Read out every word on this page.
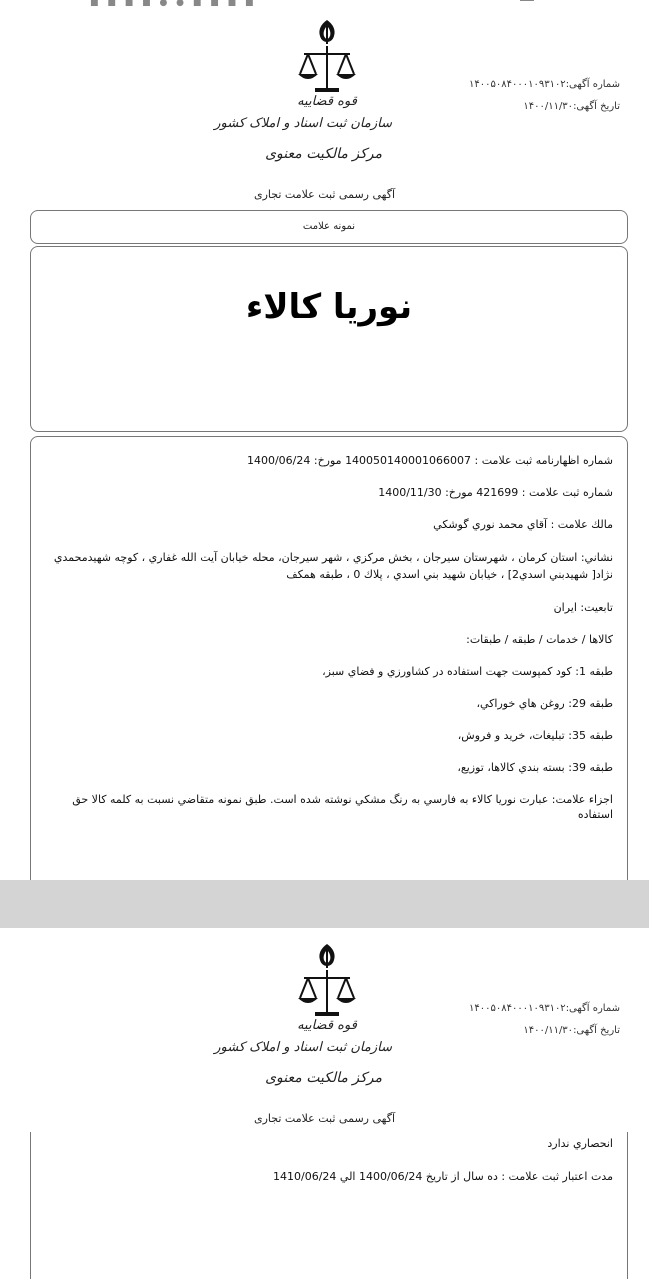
■ ■ ■ ■ ● ● ■ ■ ■ ■
قوه قضاییه
سازمان ثبت اسناد و املاک کشور
مرکز مالکیت معنوی
شماره آگهی:۱۴۰۰۵۰۸۴۰۰۰۱۰۹۳۱۰۲
تاریخ آگهی:۱۴۰۰/۱۱/۳۰
آگهی رسمی ثبت علامت تجاری
نمونه علامت
نوریا کالاء
شماره اظهارنامه ثبت علامت : 140050140001066007 مورخ: 1400/06/24
شماره ثبت علامت : 421699 مورخ: 1400/11/30
مالك علامت : آقاي محمد نوري گوشكي
نشاني: استان كرمان ، شهرستان سيرجان ، بخش مركزي ، شهر سيرجان، محله خيابان آيت الله غفاري ، كوچه شهيدمحمدي نژاد[ شهيدبني اسدي2] ، خيابان شهيد بني اسدي ، پلاك 0 ، طبقه همكف
تابعيت: ايران
كالاها / خدمات / طبقه / طبقات:
طبقه 1: كود كمپوست جهت استفاده در كشاورزي و فضاي سبز،
طبقه 29: روغن هاي خوراكي،
طبقه 35: تبليغات، خريد و فروش،
طبقه 39: بسته بندي كالاها، توزيع،
اجزاء علامت: عبارت نوريا كالاء به فارسي به رنگ مشكي نوشته شده است. طبق نمونه متقاضي نسبت به كلمه كالا حق استفاده
قوه قضاییه
سازمان ثبت اسناد و املاک کشور
مرکز مالکیت معنوی
شماره آگهی:۱۴۰۰۵۰۸۴۰۰۰۱۰۹۳۱۰۲
تاریخ آگهی:۱۴۰۰/۱۱/۳۰
آگهی رسمی ثبت علامت تجاری
انحصاري ندارد
مدت اعتبار ثبت علامت : ده سال از تاريخ 1400/06/24 الي 1410/06/24
